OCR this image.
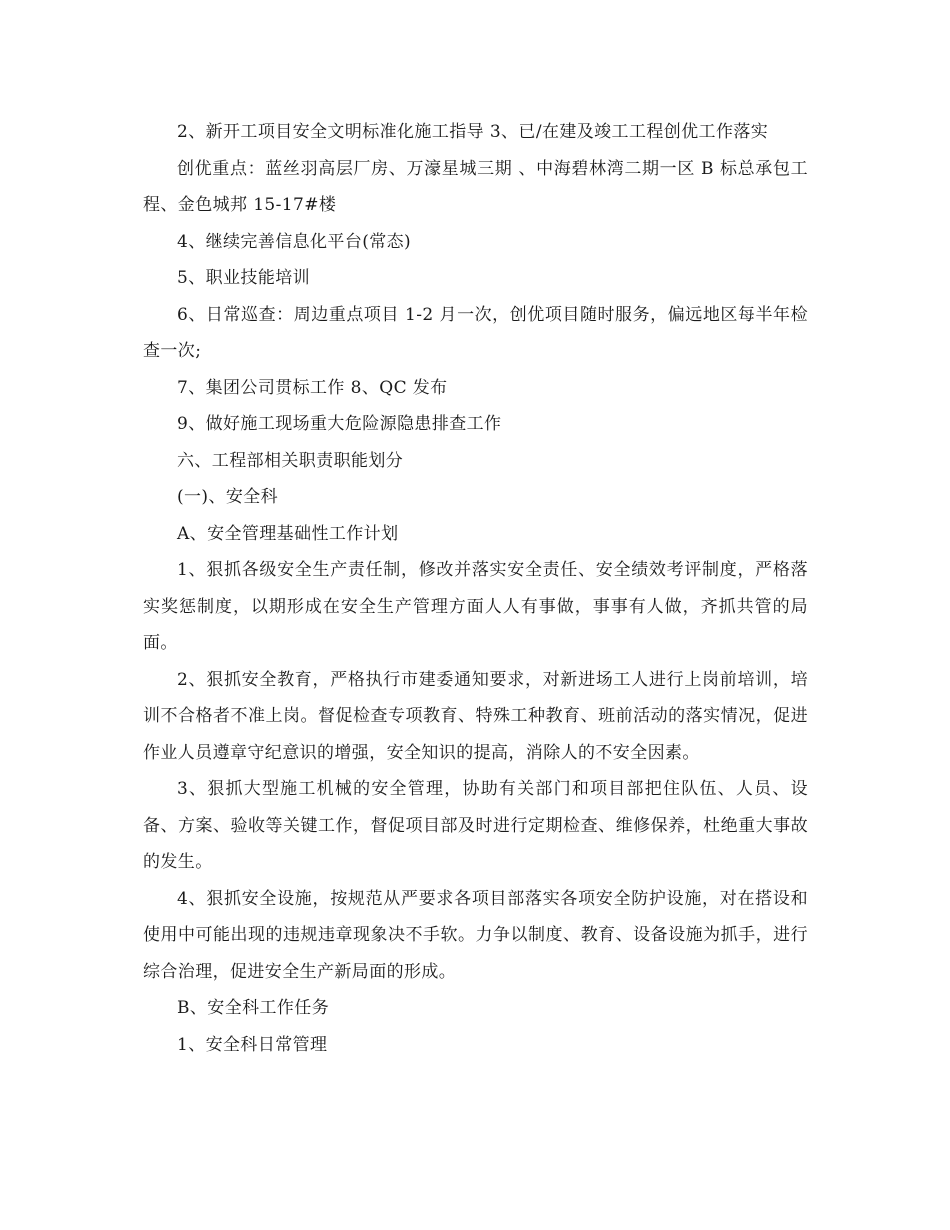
2、新开工项目安全文明标准化施工指导 3、已/在建及竣工工程创优工作落实

创优重点：蓝丝羽高层厂房、万濠星城三期 、中海碧林湾二期一区 B 标总承包工程、金色城邦 15-17#楼

4、继续完善信息化平台(常态)

5、职业技能培训

6、日常巡查：周边重点项目 1-2 月一次，创优项目随时服务，偏远地区每半年检查一次;

7、集团公司贯标工作 8、QC 发布

9、做好施工现场重大危险源隐患排查工作

六、工程部相关职责职能划分

(一)、安全科

A、安全管理基础性工作计划

1、狠抓各级安全生产责任制，修改并落实安全责任、安全绩效考评制度，严格落实奖惩制度，以期形成在安全生产管理方面人人有事做，事事有人做，齐抓共管的局面。

2、狠抓安全教育，严格执行市建委通知要求，对新进场工人进行上岗前培训，培训不合格者不准上岗。督促检查专项教育、特殊工种教育、班前活动的落实情况，促进作业人员遵章守纪意识的增强，安全知识的提高，消除人的不安全因素。

3、狠抓大型施工机械的安全管理，协助有关部门和项目部把住队伍、人员、设备、方案、验收等关键工作，督促项目部及时进行定期检查、维修保养，杜绝重大事故的发生。

4、狠抓安全设施，按规范从严要求各项目部落实各项安全防护设施，对在搭设和使用中可能出现的违规违章现象决不手软。力争以制度、教育、设备设施为抓手，进行综合治理，促进安全生产新局面的形成。

B、安全科工作任务

1、安全科日常管理
